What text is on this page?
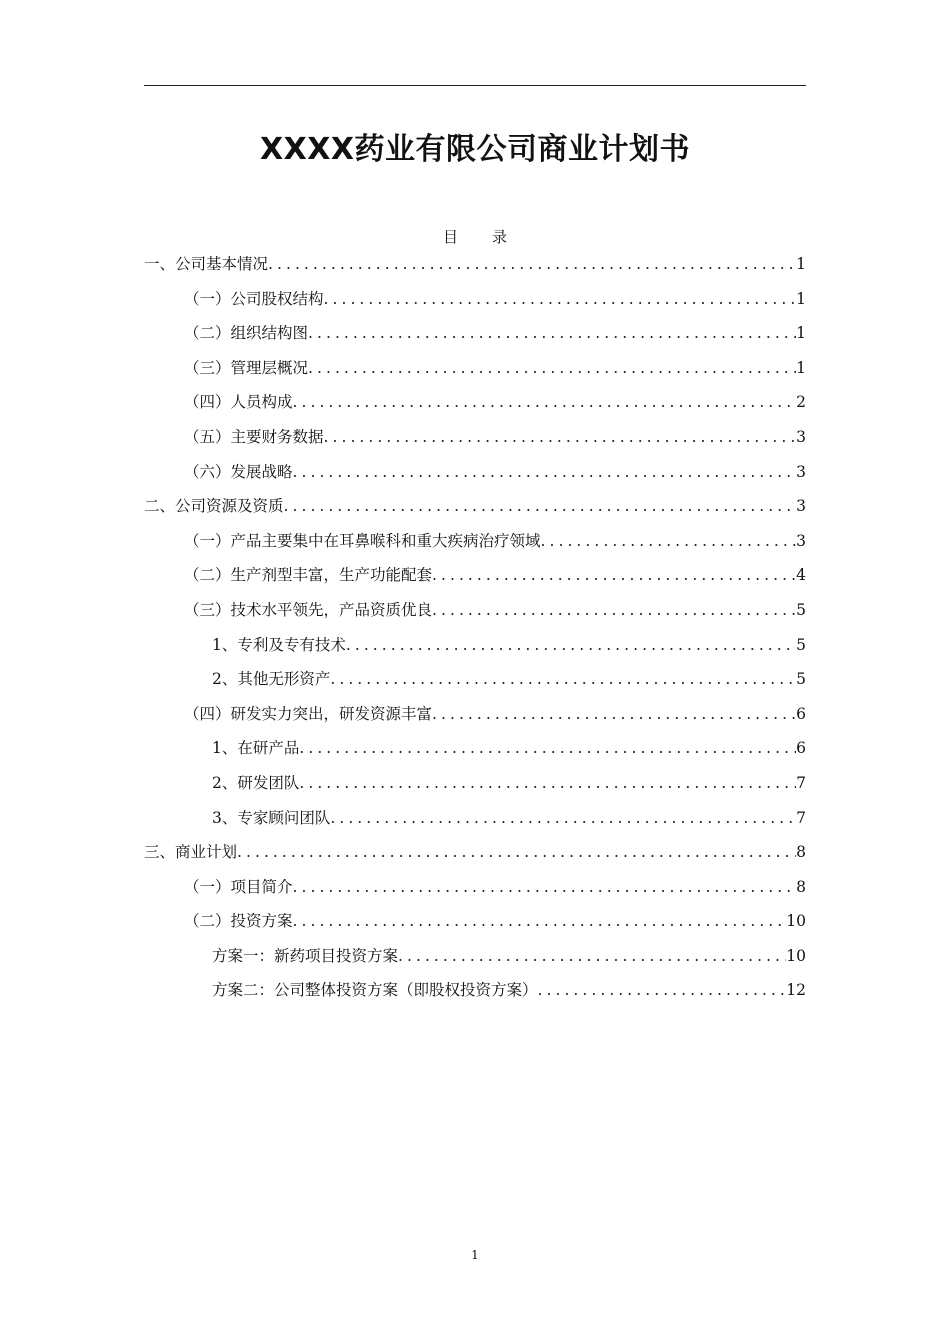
XXXX药业有限公司商业计划书
目录
一、公司基本情况 .....	1
（一）公司股权结构 .....	1
（二）组织结构图 .....	1
（三）管理层概况 .....	1
（四）人员构成 .....	2
（五）主要财务数据 .....	3
（六）发展战略 .....	3
二、公司资源及资质 .....	3
（一）产品主要集中在耳鼻喉科和重大疾病治疗领域 .....	3
（二）生产剂型丰富，生产功能配套 .....	4
（三）技术水平领先，产品资质优良 .....	5
1、专利及专有技术 .....	5
2、其他无形资产 .....	5
（四）研发实力突出，研发资源丰富 .....	6
1、在研产品 .....	6
2、研发团队 .....	7
3、专家顾问团队 .....	7
三、商业计划 .....	8
（一）项目简介 .....	8
（二）投资方案 .....	10
方案一：新药项目投资方案 .....	10
方案二：公司整体投资方案（即股权投资方案） .....	12
1
